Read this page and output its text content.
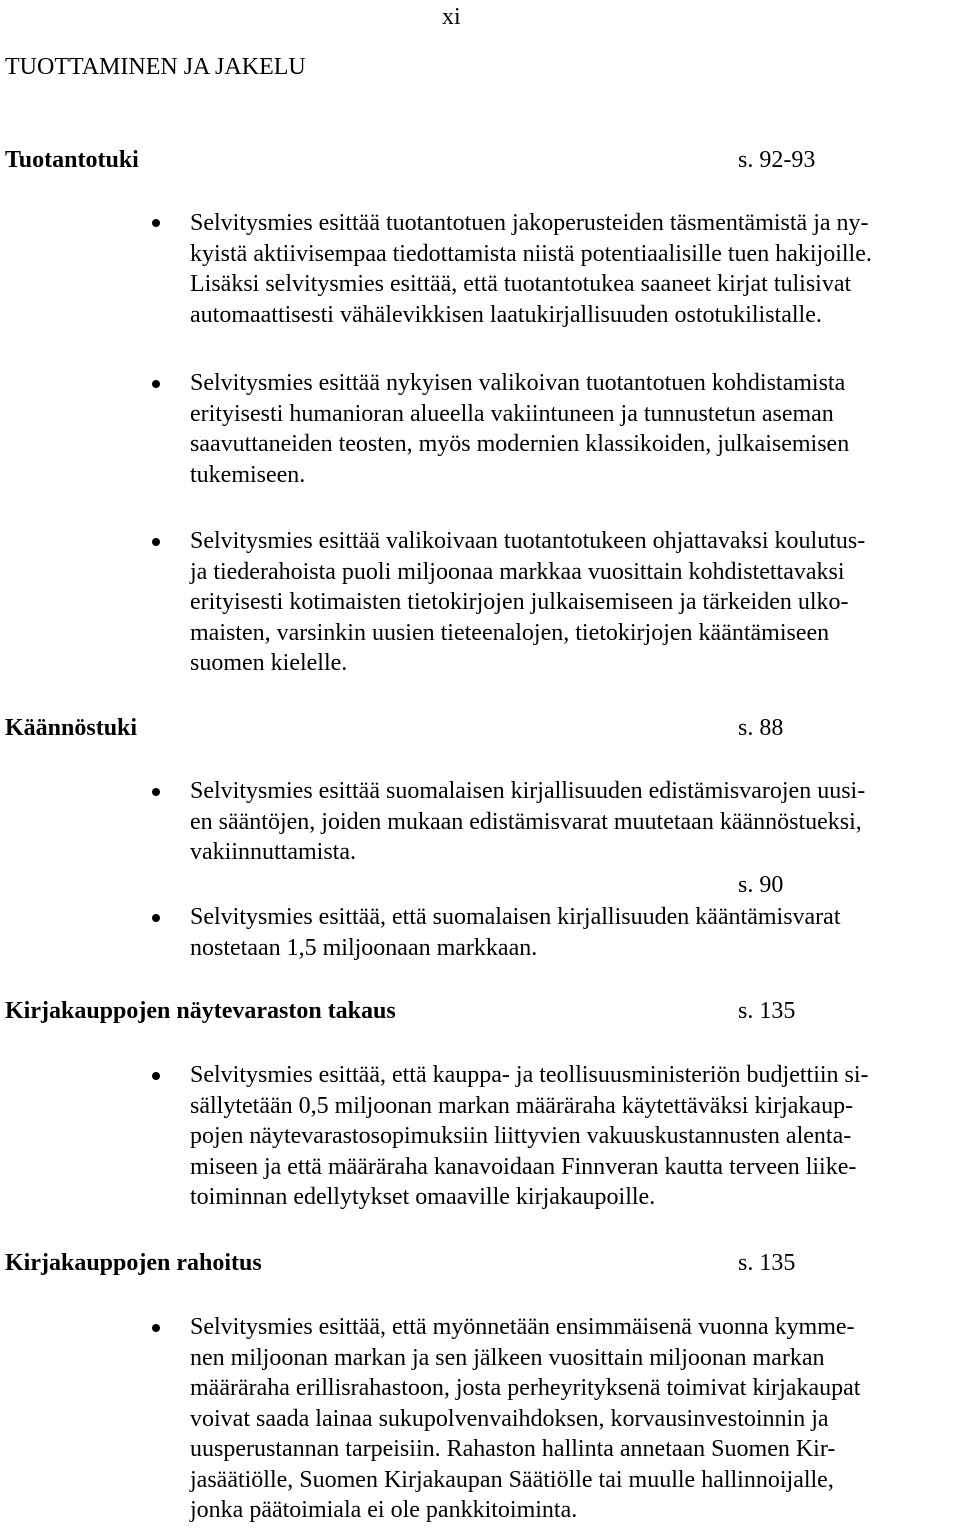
xi
TUOTTAMINEN JA JAKELU
Tuotantotuki	s. 92-93
Selvitysmies esittää tuotantotuen jakoperusteiden täsmentämistä ja ny-
kyistä aktiivisempaa tiedottamista niistä potentiaalisille tuen hakijoille.
Lisäksi selvitysmies esittää, että tuotantotukea saaneet kirjat tulisivat
automaattisesti vähälevikkisen laatukirjallisuuden ostotukilistalle.
Selvitysmies esittää nykyisen valikoivan tuotantotuen kohdistamista
erityisesti humanioran alueella vakiintuneen ja tunnustetun aseman
saavuttaneiden teosten, myös modernien klassikoiden, julkaisemisen
tukemiseen.
Selvitysmies esittää valikoivaan tuotantotukeen ohjattavaksi koulutus-
ja tiederahoista puoli miljoonaa markkaa vuosittain kohdistettavaksi
erityisesti kotimaisten tietokirjojen julkaisemiseen ja tärkeiden ulko-
maisten, varsinkin uusien tieteenalojen, tietokirjojen kääntämiseen
suomen kielelle.
Käännöstuki	s. 88
Selvitysmies esittää suomalaisen kirjallisuuden edistämisvarojen uusi-
en sääntöjen, joiden mukaan edistämisvarat muutetaan käännöstueksi,
vakiinnuttamista.
s. 90
Selvitysmies esittää, että suomalaisen kirjallisuuden kääntämisvarat
nostetaan 1,5 miljoonaan markkaan.
Kirjakauppojen näytevaraston takaus	s. 135
Selvitysmies esittää, että kauppa- ja teollisuusministeriön budjettiin si-
sällytetään 0,5 miljoonan markan määräraha käytettäväksi kirjakaup-
pojen näytevarastosopimuksiin liittyvien vakuuskustannusten alenta-
miseen ja että määräraha kanavoidaan Finnveran kautta terveen liike-
toiminnan edellytykset omaaville kirjakaupoille.
Kirjakauppojen rahoitus	s. 135
Selvitysmies esittää, että myönnetään ensimmäisenä vuonna kymme-
nen miljoonan markan ja sen jälkeen vuosittain miljoonan markan
määräraha erillisrahastoon, josta perheyrityksenä toimivat kirjakaupat
voivat saada lainaa sukupolvenvaihdoksen, korvausinvestoinnin ja
uusperustannan tarpeisiin. Rahaston hallinta annetaan Suomen Kir-
jasäätiölle, Suomen Kirjakaupan Säätiölle tai muulle hallinnoijalle,
jonka päätoimiala ei ole pankkitoiminta.
